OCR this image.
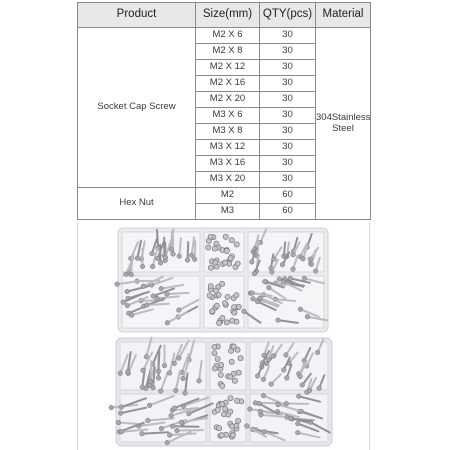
Product	Size(mm)	QTY(pcs)	Material
Socket Cap Screw	M2 X 6	30	304Stainless Steel
	M2 X 8	30	
	M2 X 12	30	
	M2 X 16	30	
	M2 X 20	30	
	M3 X 6	30	
	M3 X 8	30	
	M3 X 12	30	
	M3 X 16	30	
	M3 X 20	30	
Hex Nut	M2	60	
	M3	60	
